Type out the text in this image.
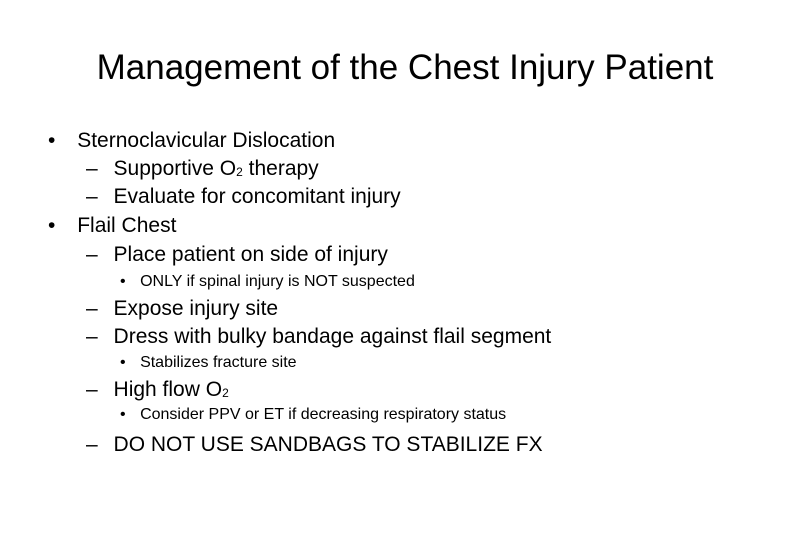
Management of the Chest Injury Patient
• Sternoclavicular Dislocation
– Supportive O2 therapy
– Evaluate for concomitant injury
• Flail Chest
– Place patient on side of injury
• ONLY if spinal injury is NOT suspected
– Expose injury site
– Dress with bulky bandage against flail segment
• Stabilizes fracture site
– High flow O2
• Consider PPV or ET if decreasing respiratory status
– DO NOT USE SANDBAGS TO STABILIZE FX
